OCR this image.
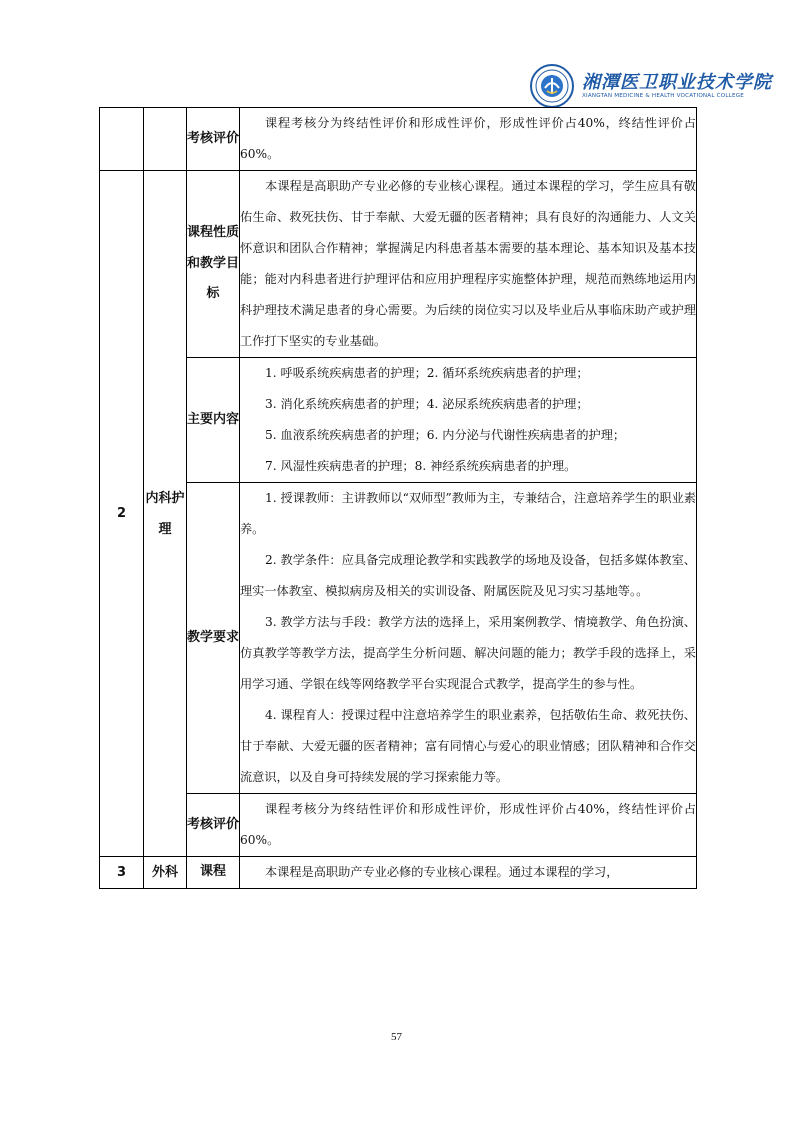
湘潭医卫职业技术学院
XIANGTAN MEDICINE & HEALTH VOCATIONAL COLLEGE
		考核评价	课程考核分为终结性评价和形成性评价，形成性评价占40%，终结性评价占60%。

2	内科护理	课程性质和教学目标	本课程是高职助产专业必修的专业核心课程。通过本课程的学习，学生应具有敬佑生命、救死扶伤、甘于奉献、大爱无疆的医者精神；具有良好的沟通能力、人文关怀意识和团队合作精神；掌握满足内科患者基本需要的基本理论、基本知识及基本技能；能对内科患者进行护理评估和应用护理程序实施整体护理，规范而熟练地运用内科护理技术满足患者的身心需要。为后续的岗位实习以及毕业后从事临床助产或护理工作打下坚实的专业基础。

		主要内容	1. 呼吸系统疾病患者的护理；2. 循环系统疾病患者的护理；
3. 消化系统疾病患者的护理；4. 泌尿系统疾病患者的护理；
5. 血液系统疾病患者的护理；6. 内分泌与代谢性疾病患者的护理；
7. 风湿性疾病患者的护理；8. 神经系统疾病患者的护理。

		教学要求	1. 授课教师：主讲教师以“双师型”教师为主，专兼结合，注意培养学生的职业素养。

2. 教学条件：应具备完成理论教学和实践教学的场地及设备，包括多媒体教室、理实一体教室、模拟病房及相关的实训设备、附属医院及见习实习基地等。。

3. 教学方法与手段：教学方法的选择上，采用案例教学、情境教学、角色扮演、仿真教学等教学方法，提高学生分析问题、解决问题的能力；教学手段的选择上，采用学习通、学银在线等网络教学平台实现混合式教学，提高学生的参与性。

4. 课程育人：授课过程中注意培养学生的职业素养，包括敬佑生命、救死扶伤、甘于奉献、大爱无疆的医者精神；富有同情心与爱心的职业情感；团队精神和合作交流意识，以及自身可持续发展的学习探索能力等。

		考核评价	课程考核分为终结性评价和形成性评价，形成性评价占40%，终结性评价占60%。

3	外科	课程	本课程是高职助产专业必修的专业核心课程。通过本课程的学习，

57
